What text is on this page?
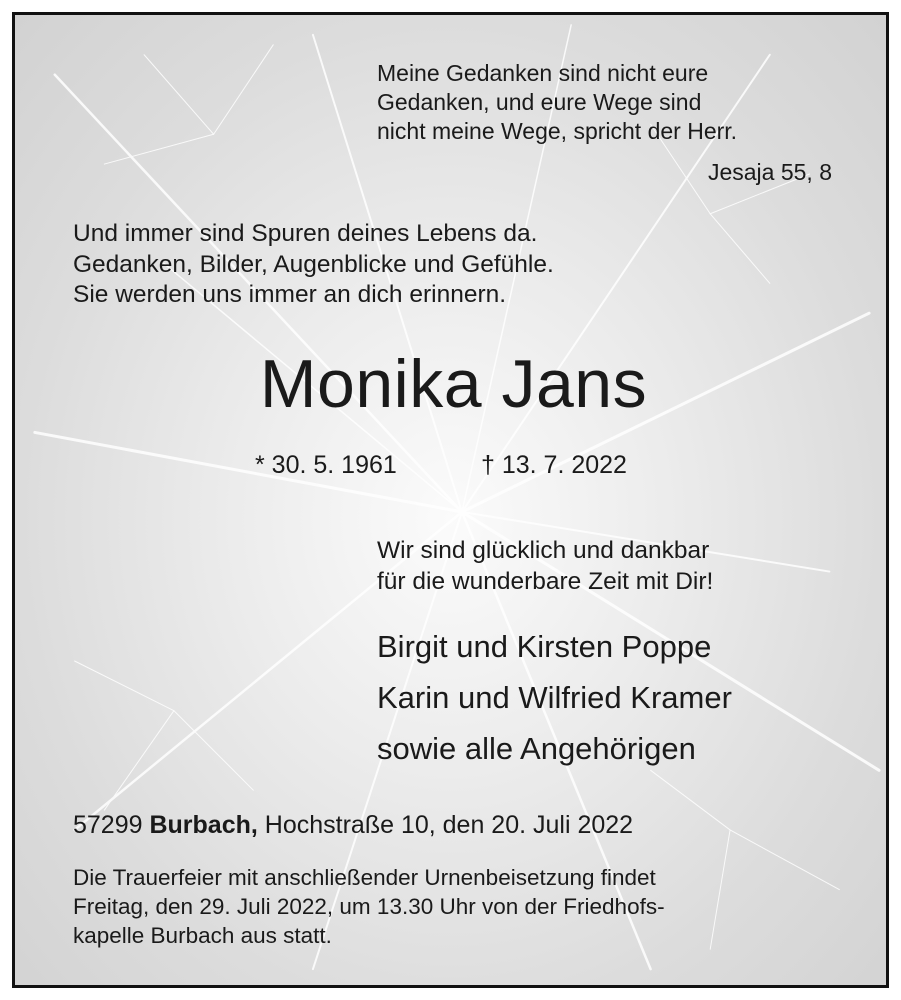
Meine Gedanken sind nicht eure
Gedanken, und eure Wege sind
nicht meine Wege, spricht der Herr.
Jesaja 55, 8
Und immer sind Spuren deines Lebens da.
Gedanken, Bilder, Augenblicke und Gefühle.
Sie werden uns immer an dich erinnern.
Monika Jans
* 30. 5. 1961	† 13. 7. 2022
Wir sind glücklich und dankbar
für die wunderbare Zeit mit Dir!
Birgit und Kirsten Poppe
Karin und Wilfried Kramer
sowie alle Angehörigen
57299 Burbach, Hochstraße 10, den 20. Juli 2022
Die Trauerfeier mit anschließender Urnenbeisetzung findet
Freitag, den 29. Juli 2022, um 13.30 Uhr von der Friedhofs-
kapelle Burbach aus statt.
